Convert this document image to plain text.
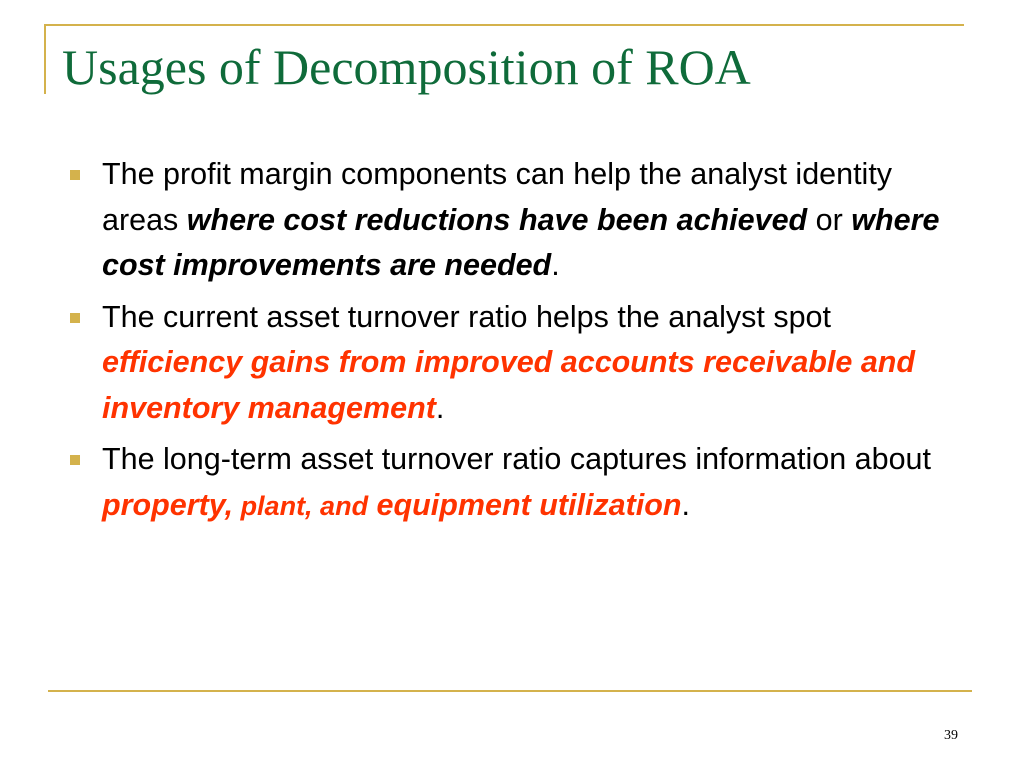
Usages of Decomposition of ROA
The profit margin components can help the analyst identity areas where cost reductions have been achieved or where cost improvements are needed.
The current asset turnover ratio helps the analyst spot efficiency gains from improved accounts receivable and inventory management.
The long-term asset turnover ratio captures information about property, plant, and equipment utilization.
39
